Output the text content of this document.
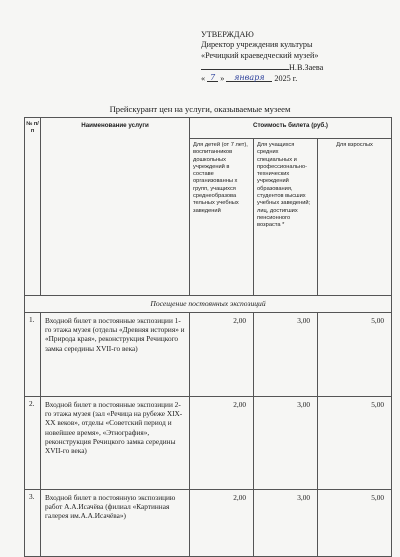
УТВЕРЖДАЮ
Директор учреждения культуры
«Речицкий краеведческий музей»
Н.В.Заева
« 7 » января 2025 г.
Прейскурант цен на услуги, оказываемые музеем
№ п/п	Наименование услуги	Стоимость билета (руб.)		
		Для детей (от 7 лет), воспитанников дошкольных учреждений в составе организованны х групп, учащихся среднеобразова тельных учебных заведений	Для учащихся средних специальных и профессионально-технических учреждений образования, студентов высших учебных заведений; лиц, достигших пенсионного возраста *	Для взрослых
Посещение постоянных экспозиций				
1.	Входной билет в постоянные экспозиции 1-го этажа музея (отделы «Древняя история» и «Природа края», реконструкция Речицкого замка середины XVII-го века)	2,00	3,00	5,00
2.	Входной билет в постоянные экспозиции 2-го этажа музея (зал «Речица на рубеже XIX-XX веков», отделы «Советский период и новейшее время», «Этнография», реконструкция Речицкого замка середины XVII-го века)	2,00	3,00	5,00
3.	Входной билет в постоянную экспозицию работ А.А.Исачёва (филиал «Картинная галерея им.А.А.Исачёва»)	2,00	3,00	5,00
